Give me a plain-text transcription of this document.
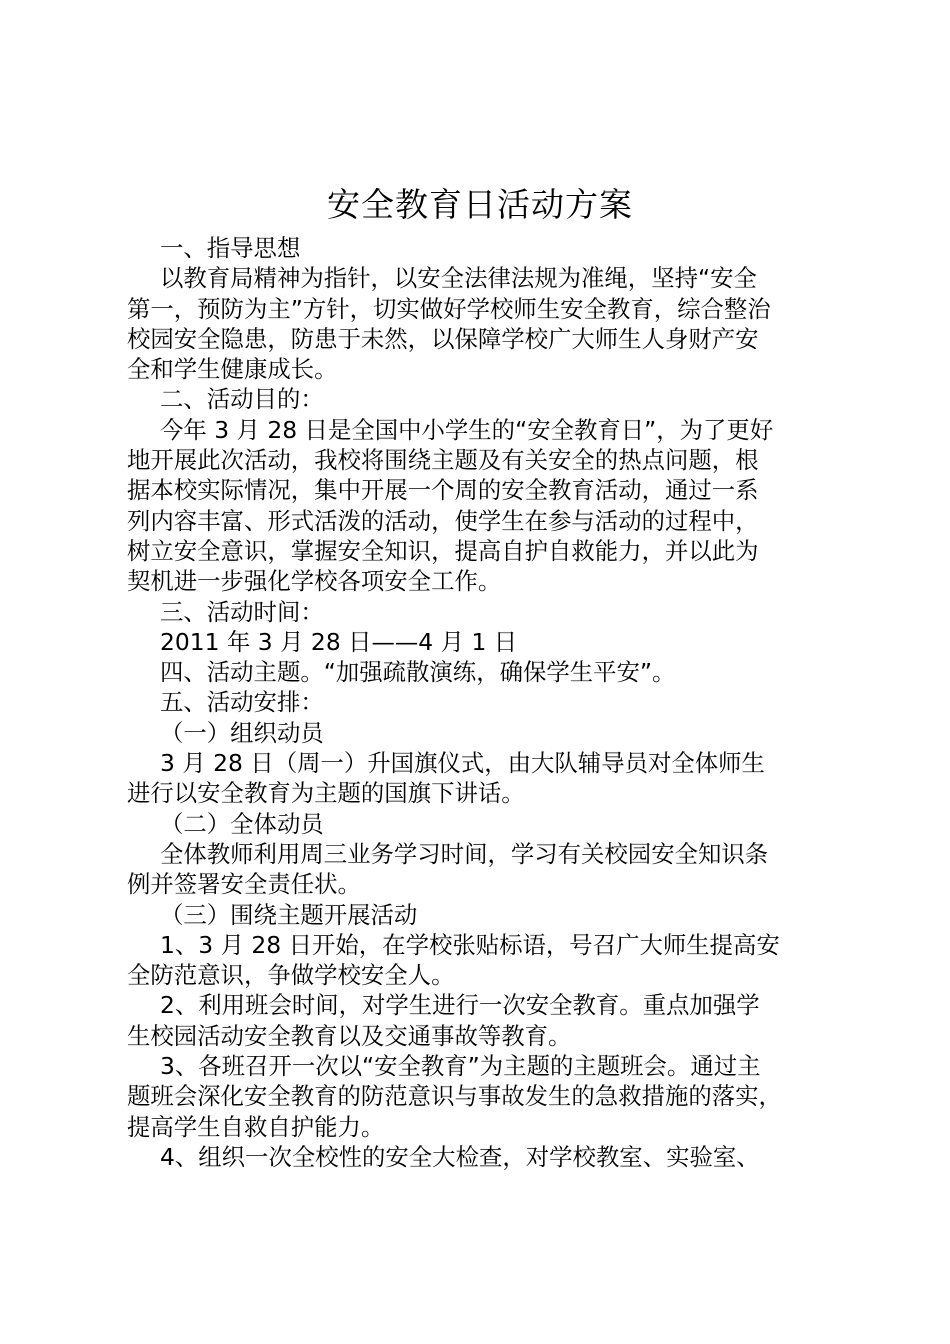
安全教育日活动方案

一、指导思想

以教育局精神为指针，以安全法律法规为准绳，坚持“安全

第一，预防为主”方针，切实做好学校师生安全教育，综合整治

校园安全隐患，防患于未然，以保障学校广大师生人身财产安

全和学生健康成长。

二、活动目的：

今年 3 月 28 日是全国中小学生的“安全教育日”，为了更好

地开展此次活动，我校将围绕主题及有关安全的热点问题，根

据本校实际情况，集中开展一个周的安全教育活动，通过一系

列内容丰富、形式活泼的活动，使学生在参与活动的过程中，

树立安全意识，掌握安全知识，提高自护自救能力，并以此为

契机进一步强化学校各项安全工作。

三、活动时间：

2011 年 3 月 28 日——4 月 1 日

四、活动主题。“加强疏散演练，确保学生平安”。

五、活动安排：

（一）组织动员

3 月 28 日（周一）升国旗仪式，由大队辅导员对全体师生

进行以安全教育为主题的国旗下讲话。

（二）全体动员

全体教师利用周三业务学习时间，学习有关校园安全知识条

例并签署安全责任状。

（三）围绕主题开展活动

1、3 月 28 日开始，在学校张贴标语，号召广大师生提高安

全防范意识，争做学校安全人。

2、利用班会时间，对学生进行一次安全教育。重点加强学

生校园活动安全教育以及交通事故等教育。

3、各班召开一次以“安全教育”为主题的主题班会。通过主

题班会深化安全教育的防范意识与事故发生的急救措施的落实，

提高学生自救自护能力。

4、组织一次全校性的安全大检查，对学校教室、实验室、
